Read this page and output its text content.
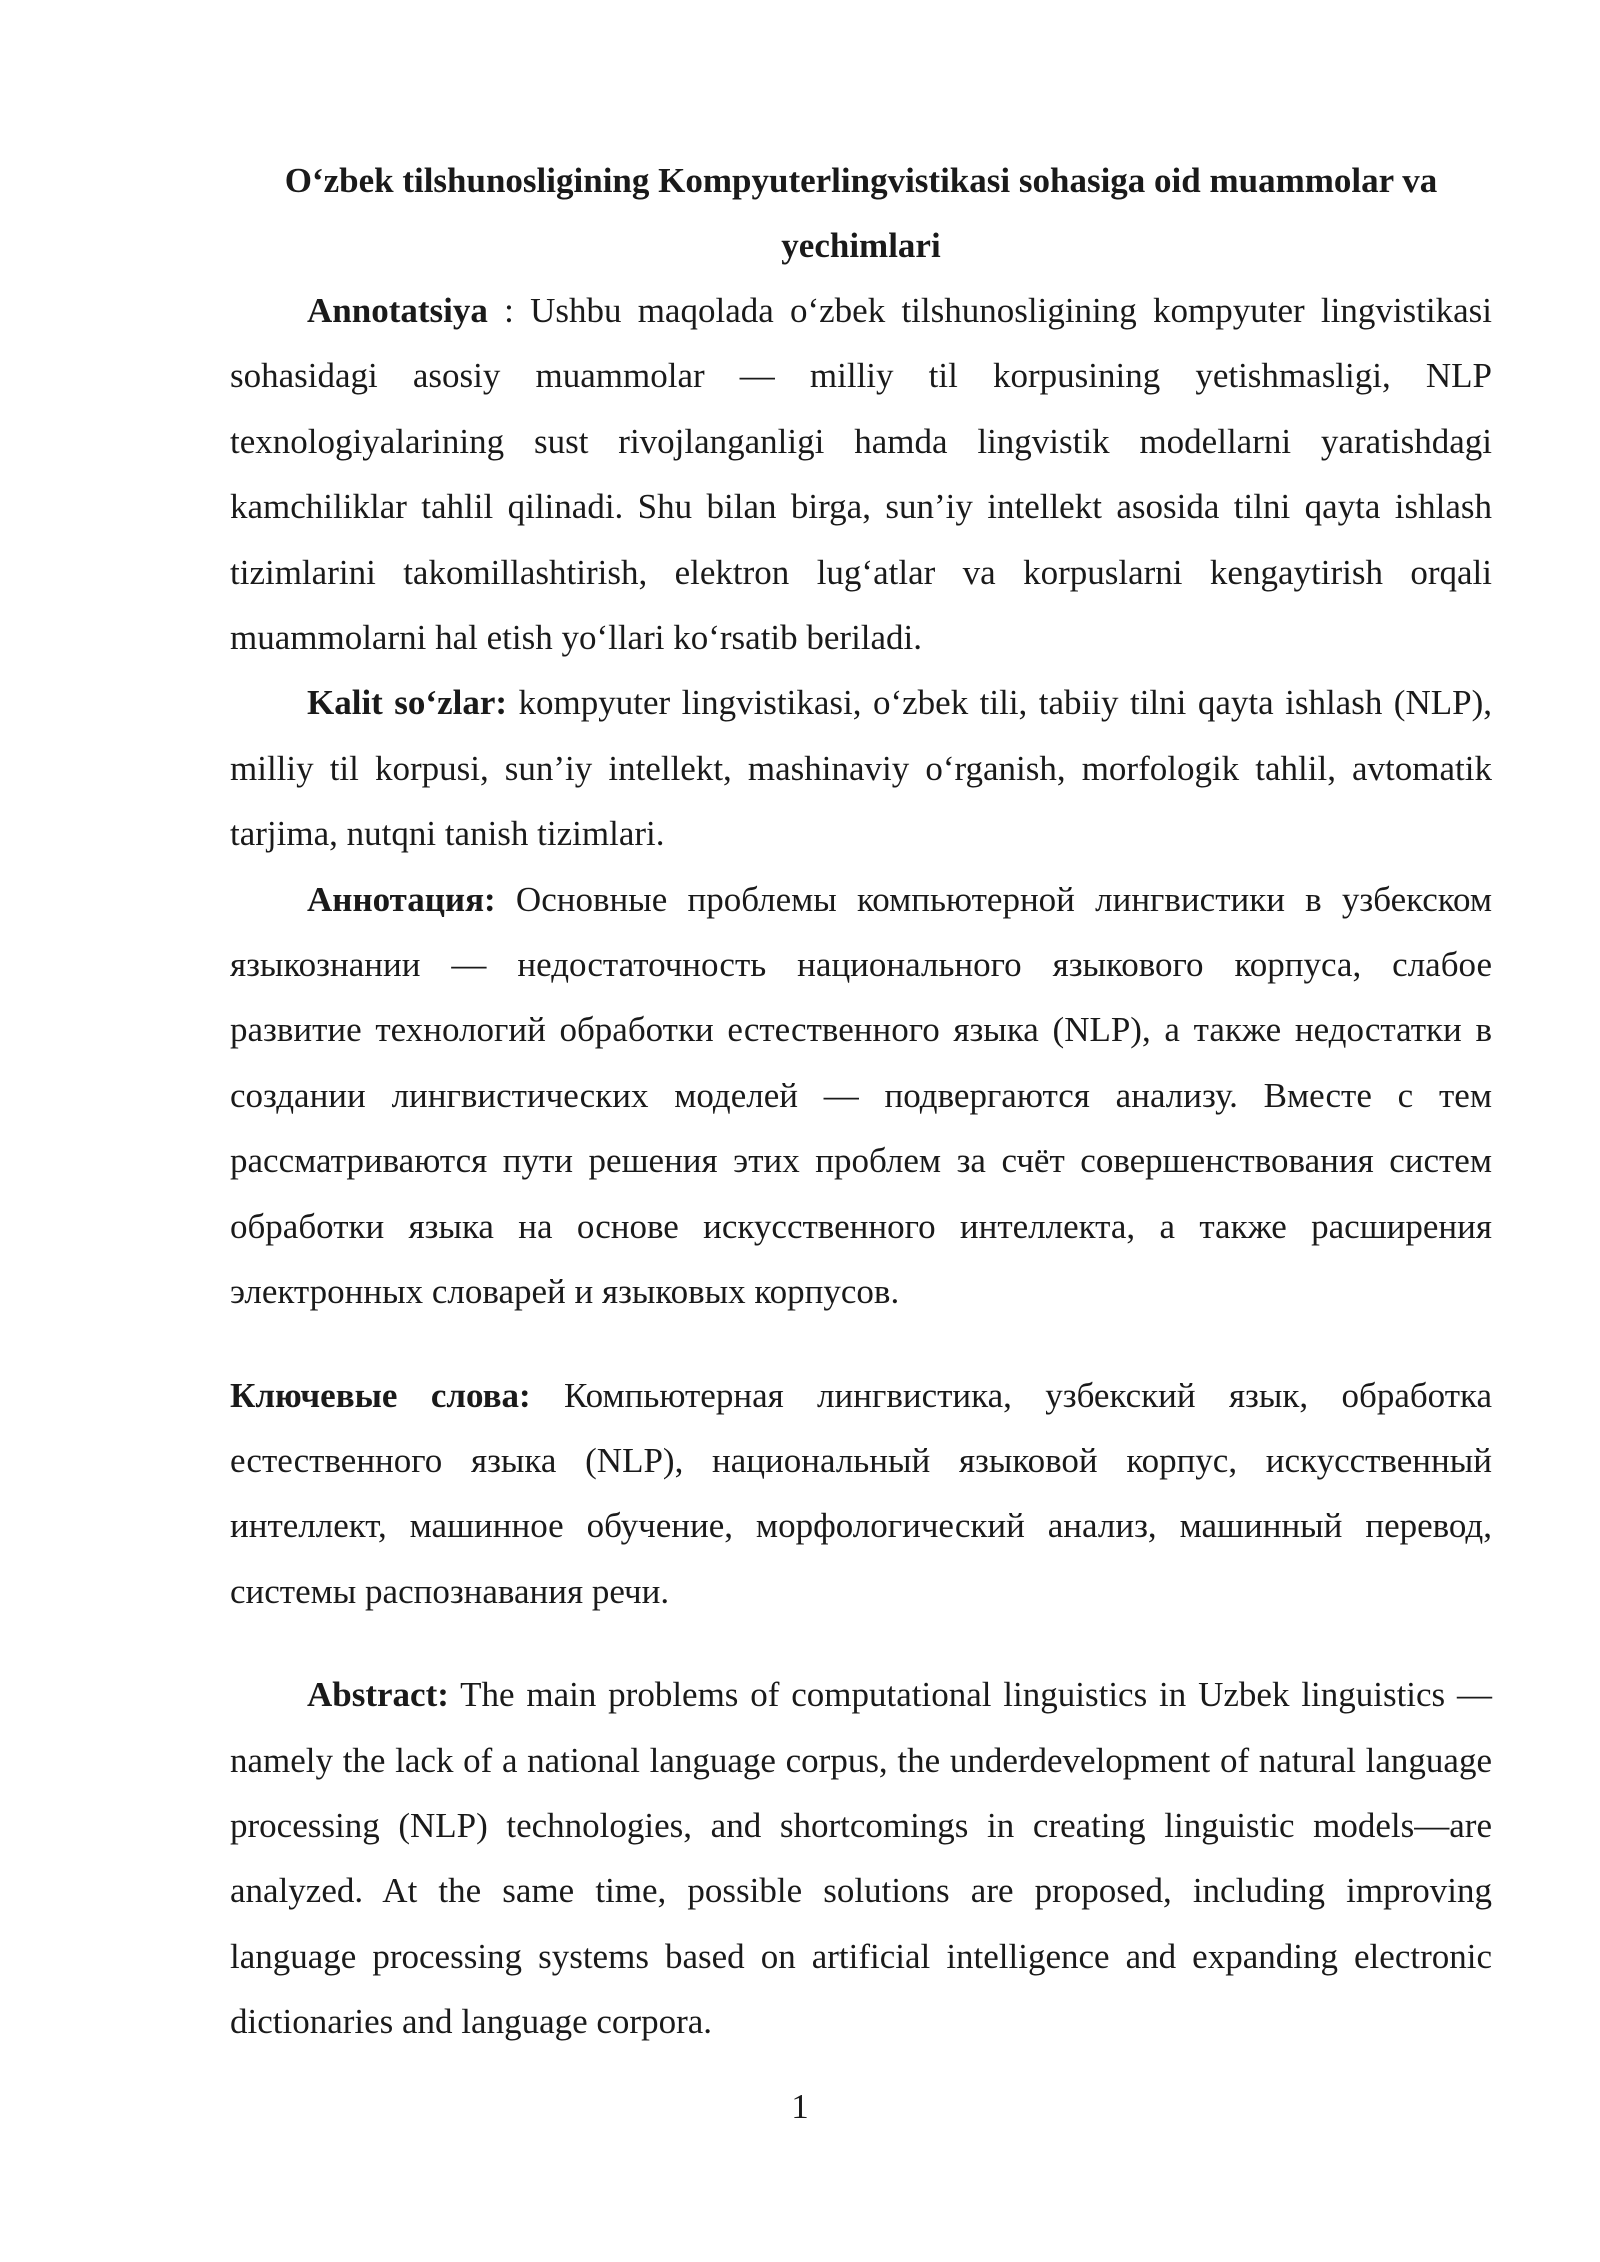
O‘zbek tilshunosligining Kompyuterlingvistikasi sohasiga oid muammolar va yechimlari

Annotatsiya : Ushbu maqolada o‘zbek tilshunosligining kompyuter lingvistikasi sohasidagi asosiy muammolar — milliy til korpusining yetishmasligi, NLP texnologiyalarining sust rivojlanganligi hamda lingvistik modellarni yaratishdagi kamchiliklar tahlil qilinadi. Shu bilan birga, sun’iy intellekt asosida tilni qayta ishlash tizimlarini takomillashtirish, elektron lug‘atlar va korpuslarni kengaytirish orqali muammolarni hal etish yo‘llari ko‘rsatib beriladi.

Kalit so‘zlar: kompyuter lingvistikasi, o‘zbek tili, tabiiy tilni qayta ishlash (NLP), milliy til korpusi, sun’iy intellekt, mashinaviy o‘rganish, morfologik tahlil, avtomatik tarjima, nutqni tanish tizimlari.

Аннотация: Основные проблемы компьютерной лингвистики в узбекском языкознании — недостаточность национального языкового корпуса, слабое развитие технологий обработки естественного языка (NLP), а также недостатки в создании лингвистических моделей — подвергаются анализу. Вместе с тем рассматриваются пути решения этих проблем за счёт совершенствования систем обработки языка на основе искусственного интеллекта, а также расширения электронных словарей и языковых корпусов.

Ключевые слова: Компьютерная лингвистика, узбекский язык, обработка естественного языка (NLP), национальный языковой корпус, искусственный интеллект, машинное обучение, морфологический анализ, машинный перевод, системы распознавания речи.

Abstract: The main problems of computational linguistics in Uzbek linguistics —namely the lack of a national language corpus, the underdevelopment of natural language processing (NLP) technologies, and shortcomings in creating linguistic models—are analyzed. At the same time, possible solutions are proposed, including improving language processing systems based on artificial intelligence and expanding electronic dictionaries and language corpora.

1
